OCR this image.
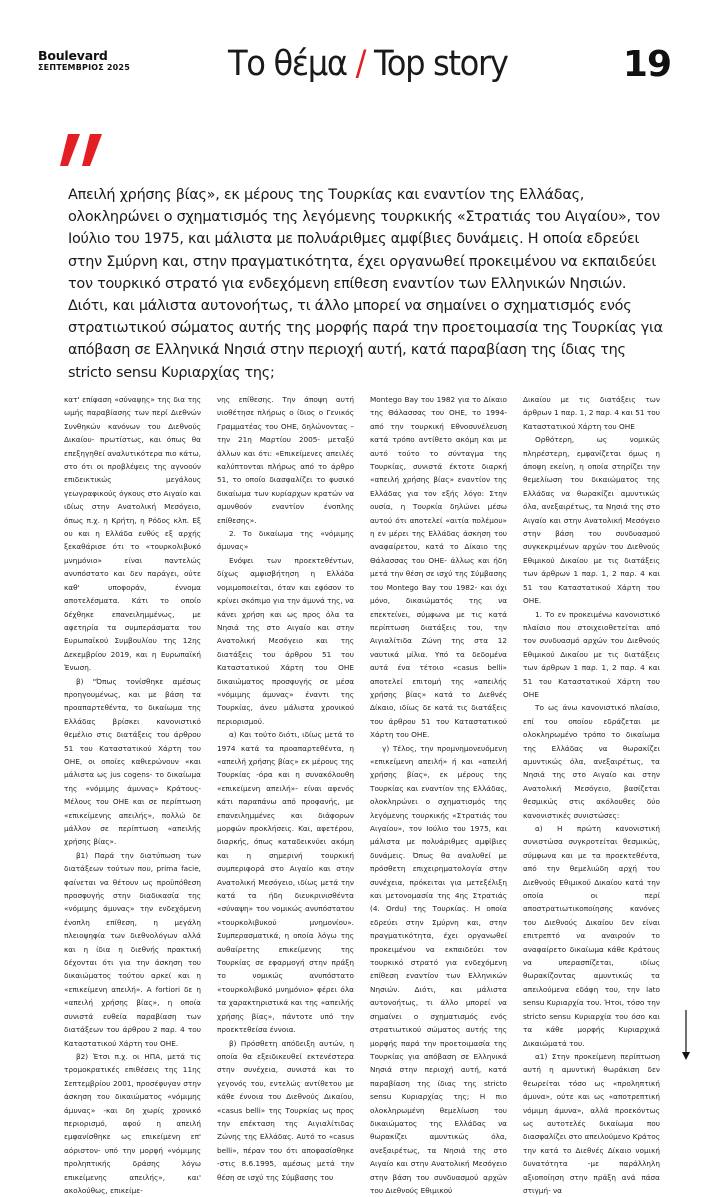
Boulevard
ΣΕΠΤΕΜΒΡΙΟΣ 2025	Το θέμα / Top story	19

Απειλή χρήσης βίας», εκ μέρους της Τουρκίας και εναντίον της Ελλάδας, ολοκληρώνει ο σχηματισμός της λεγόμενης τουρκικής «Στρατιάς του Αιγαίου», τον Ιούλιο του 1975, και μάλιστα με πολυάριθμες αμφίβιες δυνάμεις. Η οποία εδρεύει στην Σμύρνη και, στην πραγματικότητα, έχει οργανωθεί προκειμένου να εκπαιδεύει τον τουρκικό στρατό για ενδεχόμενη επίθεση εναντίον των Ελληνικών Νησιών. Διότι, και μάλιστα αυτονοήτως, τι άλλο μπορεί να σημαίνει ο σχηματισμός ενός στρατιωτικού σώματος αυτής της μορφής παρά την προετοιμασία της Τουρκίας για απόβαση σε Ελληνικά Νησιά στην περιοχή αυτή, κατά παραβίαση της ίδιας της stricto sensu Κυριαρχίας της;

κατ' επίφαση «σύναψης» της δια της ωμής παραβίασης των περί Διεθνών Συνθηκών κανόνων του Διεθνούς Δικαίου- πρωτίστως, και όπως θα επεξηγηθεί αναλυτικότερα πιο κάτω, στο ότι οι προβλέψεις της αγνοούν επιδεικτικώς μεγάλους γεωγραφικούς όγκους στο Αιγαίο και ιδίως στην Ανατολική Μεσόγειο, όπως π.χ. η Κρήτη, η Ρόδος κλπ. Εξ ου και η Ελλάδα ευθύς εξ αρχής ξεκαθάρισε ότι το «τουρκολιβυκό μνημόνιο» είναι παντελώς ανυπόστατο και δεν παράγει, ούτε καθ' υποφοράν, έννομα αποτελέσματα. Κάτι το οποίο δέχθηκε επανειλημμένως, με αφετηρία τα συμπεράσματα του Ευρωπαϊκού Συμβουλίου της 12ης Δεκεμβρίου 2019, και η Ευρωπαϊκή Ένωση.

β) "Όπως τονίσθηκε αμέσως προηγουμένως, και με βάση τα προαπαρτεθέντα, το δικαίωμα της Ελλάδας βρίσκει κανονιστικό θεμέλιο στις διατάξεις του άρθρου 51 του Καταστατικού Χάρτη του ΟΗΕ, οι οποίες καθιερώνουν «και μάλιστα ως jus cogens- το δικαίωμα της «νόμιμης άμυνας» Κράτους-Μέλους του ΟΗΕ και σε περίπτωση «επικείμενης απειλής», πολλώ δε μάλλον σε περίπτωση «απειλής χρήσης βίας».

β1) Παρά την διατύπωση των διατάξεων τούτων που, prima facie, φαίνεται να θέτουν ως προϋπόθεση προσφυγής στην διαδικασία της «νόμιμης άμυνας» την ενδεχόμενη ένοπλη επίθεση, η μεγάλη πλειοψηφία των διεθνολόγων αλλά και η ίδια η διεθνής πρακτική δέχονται ότι για την άσκηση του δικαιώματος τούτου αρκεί και η «επικείμενη απειλή». A fortiori δε η «απειλή χρήσης βίας», η οποία συνιστά ευθεία παραβίαση των διατάξεων του άρθρου 2 παρ. 4 του Καταστατικού Χάρτη του ΟΗΕ.

β2) Έτσι π.χ. οι ΗΠΑ, μετά τις τρομοκρατικές επιθέσεις της 11ης Σεπτεμβρίου 2001, προσέφυγαν στην άσκηση του δικαιώματος «νόμιμης άμυνας» -και δη χωρίς χρονικό περιορισμό, αφού η απειλή εμφανίσθηκε ως επικείμενη επ' αόριστον- υπό την μορφή «νόμιμης προληπτικής δράσης λόγω επικείμενης απειλής», και' ακολούθως, επικείμε-

νης επίθεσης. Την άποψη αυτή υιοθέτησε πλήρως ο ίδιος ο Γενικός Γραμματέας του ΟΗΕ, δηλώνοντας –την 21η Μαρτίου 2005- μεταξύ άλλων και ότι: «Επικείμενες απειλές καλύπτονται πλήρως από το άρθρο 51, το οποίο διασφαλίζει το φυσικό δικαίωμα των κυρίαρχων κρατών να αμυνθούν εναντίον ένοπλης επίθεσης».

2. Το δικαίωμα της «νόμιμης άμυνας»

Ενόψει των προεκτεθέντων, δίχως αμφισβήτηση η Ελλάδα νομιμοποιείται, όταν και εφόσον το κρίνει σκόπιμο για την άμυνά της, να κάνει χρήση και ως προς όλα τα Νησιά της στο Αιγαίο και στην Ανατολική Μεσόγειο και της διατάξεις του άρθρου 51 του Καταστατικού Χάρτη του ΟΗΕ δικαιώματος προσφυγής σε μέσα «νόμιμης άμυνας» έναντι της Τουρκίας, άνευ μάλιστα χρονικού περιορισμού.

α) Και τούτο διότι, ιδίως μετά το 1974 κατά τα προαπαρτεθέντα, η «απειλή χρήσης βίας» εκ μέρους της Τουρκίας -όρα και η συνακόλουθη «επικείμενη απειλή»- είναι αφενός κάτι παραπάνω από προφανής, με επανειλημμένες και διάφορων μορφών προκλήσεις. Και, αφετέρου, διαρκής, όπως καταδεικνύει ακόμη και η σημερινή τουρκική συμπεριφορά στο Αιγαίο και στην Ανατολική Μεσόγειο, ιδίως μετά την κατά τα ήδη διευκρινισθέντα «σύναψη» του νομικώς ανυπόστατου «τουρκολιβυκού μνημονίου». Συμπερασματικά, η οποία λόγω της αυθαίρετης επικείμενης της Τουρκίας σε εφαρμογή στην πράξη το νομικώς ανυπόστατο «τουρκολιβυκό μνημόνιο» φέρει όλα τα χαρακτηριστικά και της «απειλής χρήσης βίας», πάντοτε υπό την προεκτεθείσα έννοια.

β) Πρόσθετη απόδειξη αυτών, η οποία θα εξειδικευθεί εκτενέστερα στην συνέχεια, συνιστά και το γεγονός του, εντελώς αντίθετου με κάθε έννοια του Διεθνούς Δικαίου, «casus belli» της Τουρκίας ως προς την επέκταση της Αιγιαλίτιδας Ζώνης της Ελλάδας. Αυτό το «casus belli», πέραν του ότι αποφασίσθηκε -στις 8.6.1995, αμέσως μετά την θέση σε ισχύ της Σύμβασης του

Montego Bay του 1982 για το Δίκαιο της Θάλασσας του ΟΗΕ, το 1994- από την τουρκική Εθνοσυνέλευση κατά τρόπο αντίθετο ακόμη και με αυτό τούτο το σύνταγμα της Τουρκίας, συνιστά έκτοτε διαρκή «απειλή χρήσης βίας» εναντίον της Ελλάδας για τον εξής λόγο: Στην ουσία, η Τουρκία δηλώνει μέσω αυτού ότι αποτελεί «αιτία πολέμου» η εν μέρει της Ελλάδας άσκηση του αναφαίρετου, κατά το Δίκαιο της Θάλασσας του ΟΗΕ- άλλως και ήδη μετά την θέση σε ισχύ της Σύμβασης του Montego Bay του 1982- και όχι μόνο, δικαιώματός της να επεκτείνει, σύμφωνα με τις κατά περίπτωση διατάξεις του, την Αιγιαλίτιδα Ζώνη της στα 12 ναυτικά μίλια. Υπό τα δεδομένα αυτά ένα τέτοιο «casus belli» αποτελεί επιτομή της «απειλής χρήσης βίας» κατά το Διεθνές Δίκαιο, ιδίως δε κατά τις διατάξεις του άρθρου 51 του Καταστατικού Χάρτη του ΟΗΕ.

γ) Τέλος, την προμνημονευόμενη «επικείμενη απειλή» ή και «απειλή χρήσης βίας», εκ μέρους της Τουρκίας και εναντίον της Ελλάδας, ολοκληρώνει ο σχηματισμός της λεγόμενης τουρκικής «Στρατιάς του Αιγαίου», τον Ιούλιο του 1975, και μάλιστα με πολυάριθμες αμφίβιες δυνάμεις. Όπως θα αναλυθεί με πρόσθετη επιχειρηματολογία στην συνέχεια, πρόκειται για μετεξέλιξη και μετονομασία της 4ης Στρατιάς (4. Ordu) της Τουρκίας. Η οποία εδρεύει στην Σμύρνη και, στην πραγματικότητα, έχει οργανωθεί προκειμένου να εκπαιδεύει τον τουρκικό στρατό για ενδεχόμενη επίθεση εναντίον των Ελληνικών Νησιών. Διότι, και μάλιστα αυτονοήτως, τι άλλο μπορεί να σημαίνει ο σχηματισμός ενός στρατιωτικού σώματος αυτής της μορφής παρά την προετοιμασία της Τουρκίας για απόβαση σε Ελληνικά Νησιά στην περιοχή αυτή, κατά παραβίαση της ίδιας της stricto sensu Κυριαρχίας της; Η πιο ολοκληρωμένη θεμελίωση του δικαιώματος της Ελλάδας να θωρακίζει αμυντικώς όλα, ανεξαιρέτως, τα Νησιά της στο Αιγαίο και στην Ανατολική Μεσόγειο στην βάση του συνδυασμού αρχών του Διεθνούς Εθιμικού

Δικαίου με τις διατάξεις των άρθρων 1 παρ. 1, 2 παρ. 4 και 51 του Καταστατικού Χάρτη του ΟΗΕ

Ορθότερη, ως νομικώς πληρέστερη, εμφανίζεται όμως η άποψη εκείνη, η οποία στηρίζει την θεμελίωση του δικαιώματος της Ελλάδας να θωρακίζει αμυντικώς όλα, ανεξαιρέτως, τα Νησιά της στο Αιγαίο και στην Ανατολική Μεσόγειο στην βάση του συνδυασμού συγκεκριμένων αρχών του Διεθνούς Εθιμικού Δικαίου με τις διατάξεις των άρθρων 1 παρ. 1, 2 παρ. 4 και 51 του Καταστατικού Χάρτη του ΟΗΕ.

1. Το εν προκειμένω κανονιστικό πλαίσιο που στοιχειοθετείται από τον συνδυασμό αρχών του Διεθνούς Εθιμικού Δικαίου με τις διατάξεις των άρθρων 1 παρ. 1, 2 παρ. 4 και 51 του Καταστατικού Χάρτη του ΟΗΕ

Το ως άνω κανονιστικό πλαίσιο, επί του οποίου εδράζεται με ολοκληρωμένο τρόπο το δικαίωμα της Ελλάδας να θωρακίζει αμυντικώς όλα, ανεξαιρέτως, τα Νησιά της στο Αιγαίο και στην Ανατολική Μεσόγειο, βασίζεται θεσμικώς στις ακόλουθες δύο κανονιστικές συνιστώσες:

α) Η πρώτη κανονιστική συνιστώσα συγκροτείται θεσμικώς, σύμφωνα και με τα προεκτεθέντα, από την θεμελιώδη αρχή του Διεθνούς Εθιμικού Δικαίου κατά την οποία οι περί αποστρατιωτικοποίησης κανόνες του Διεθνούς Δικαίου δεν είναι επιτρεπτό να αναιρούν το αναφαίρετο δικαίωμα κάθε Κράτους να υπερασπίζεται, ιδίως θωρακίζοντας αμυντικώς τα απειλούμενα εδάφη του, την lato sensu Κυριαρχία του. Ήτοι, τόσο την stricto sensu Κυριαρχία του όσο και τα κάθε μορφής Κυριαρχικά Δικαιώματά του.

α1) Στην προκείμενη περίπτωση αυτή η αμυντική θωράκιση δεν θεωρείται τόσο ως «προληπτική άμυνα», ούτε και ως «αποτρεπτική νόμιμη άμυνα», αλλά προεκόντως ως αυτοτελές δικαίωμα που διασφαλίζει στο απειλούμενο Κράτος την κατά το Διεθνές Δίκαιο νομική δυνατότητα -με παράλληλη αξιοποίηση στην πράξη ανά πάσα στιγμή- να
